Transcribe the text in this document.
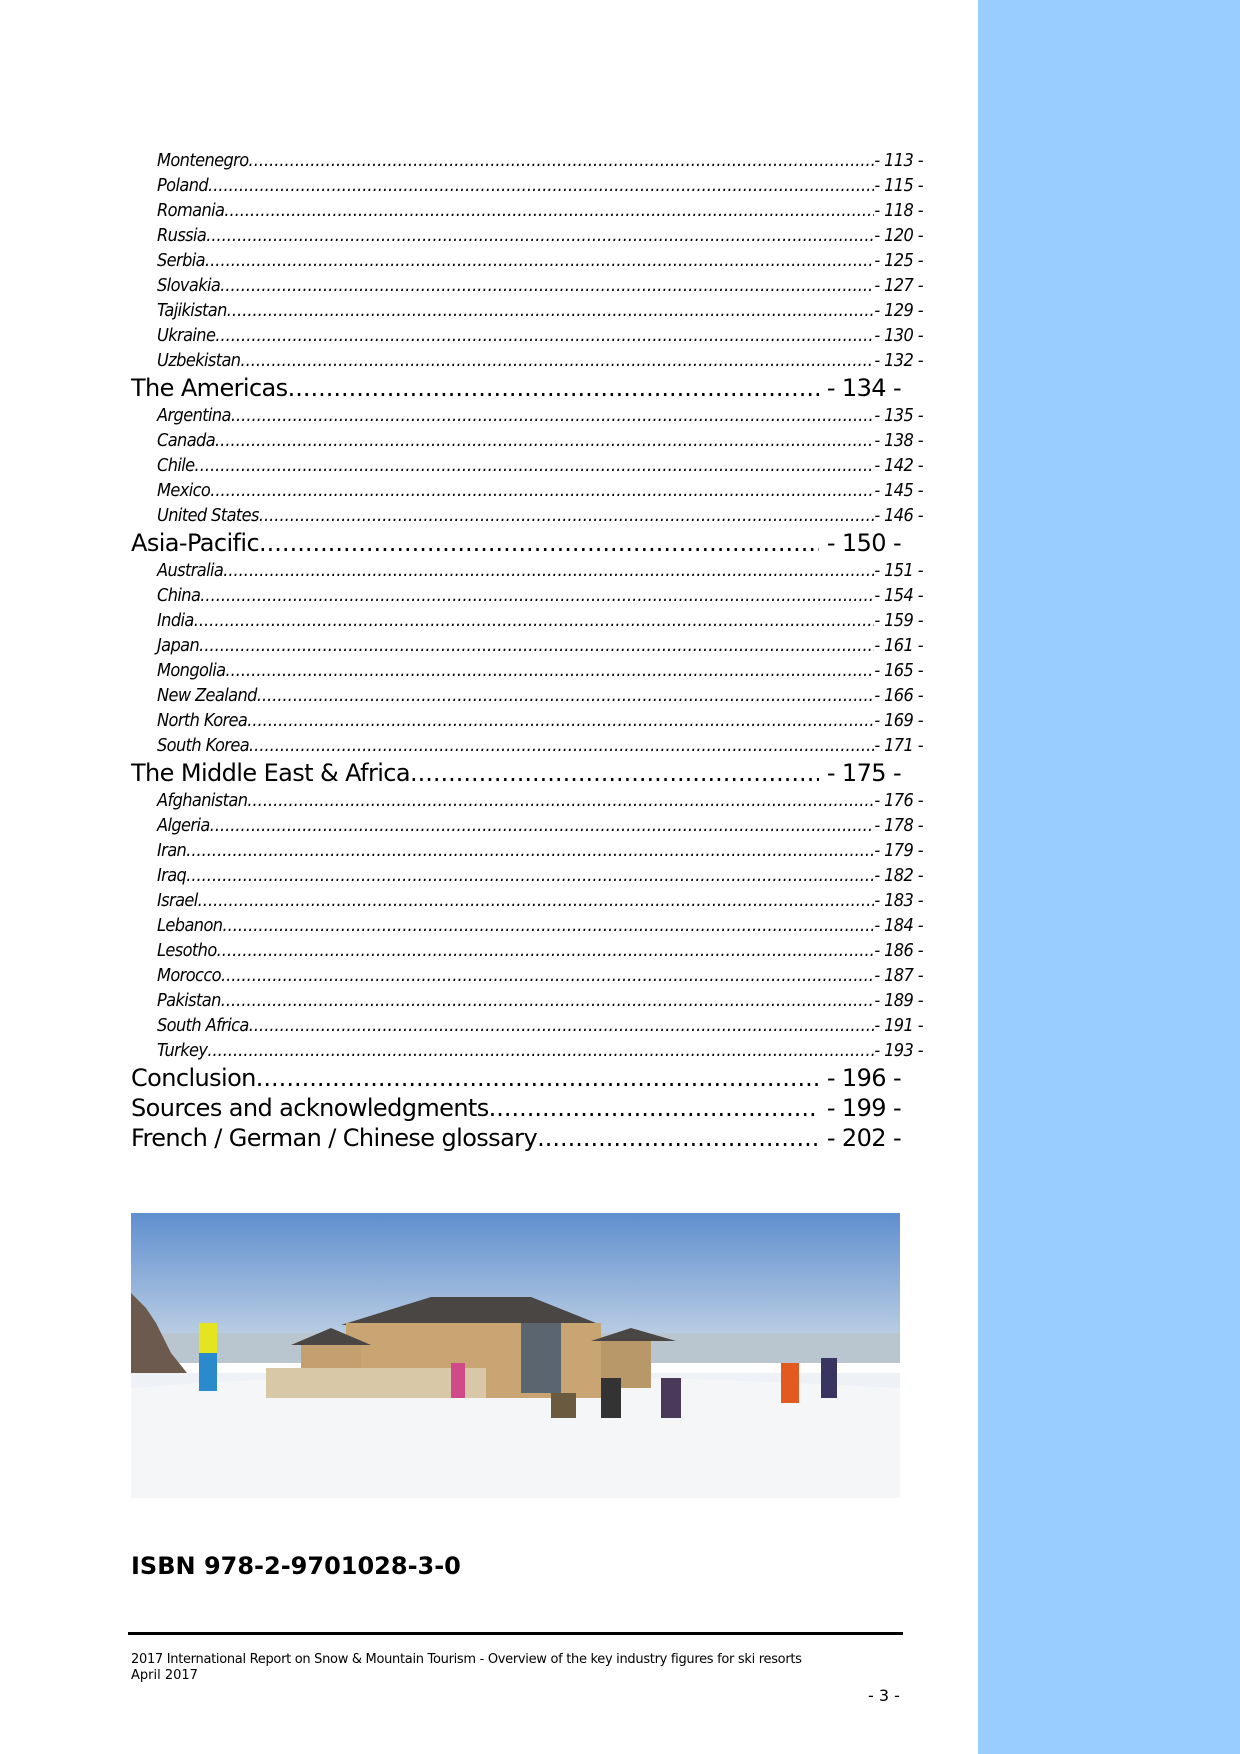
Montenegro .....	- 113 -
Poland .....	- 115 -
Romania .....	- 118 -
Russia .....	- 120 -
Serbia .....	- 125 -
Slovakia .....	- 127 -
Tajikistan .....	- 129 -
Ukraine .....	- 130 -
Uzbekistan .....	- 132 -
The Americas .....	- 134 -
Argentina .....	- 135 -
Canada .....	- 138 -
Chile .....	- 142 -
Mexico .....	- 145 -
United States .....	- 146 -
Asia-Pacific .....	- 150 -
Australia .....	- 151 -
China .....	- 154 -
India .....	- 159 -
Japan .....	- 161 -
Mongolia .....	- 165 -
New Zealand .....	- 166 -
North Korea .....	- 169 -
South Korea .....	- 171 -
The Middle East & Africa .....	- 175 -
Afghanistan .....	- 176 -
Algeria .....	- 178 -
Iran .....	- 179 -
Iraq .....	- 182 -
Israel .....	- 183 -
Lebanon .....	- 184 -
Lesotho .....	- 186 -
Morocco .....	- 187 -
Pakistan .....	- 189 -
South Africa .....	- 191 -
Turkey .....	- 193 -
Conclusion .....	- 196 -
Sources and acknowledgments .....	- 199 -
French / German / Chinese glossary .....	- 202 -
ISBN 978-2-9701028-3-0
2017 International Report on Snow & Mountain Tourism - Overview of the key industry figures for ski resorts
April 2017
- 3 -
